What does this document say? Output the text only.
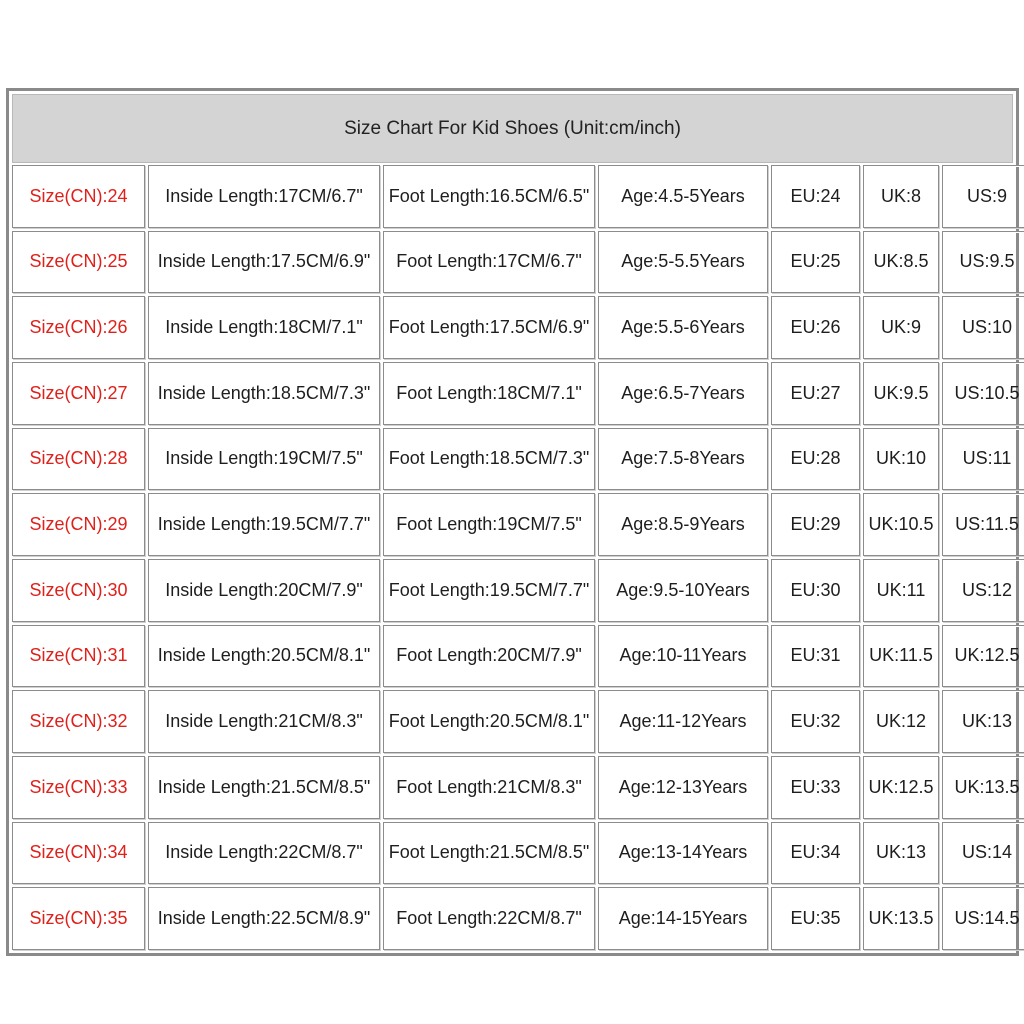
Size Chart For Kid Shoes (Unit:cm/inch)
Size(CN):24	Inside Length:17CM/6.7"	Foot Length:16.5CM/6.5"	Age:4.5-5Years	EU:24	UK:8	US:9
Size(CN):25	Inside Length:17.5CM/6.9"	Foot Length:17CM/6.7"	Age:5-5.5Years	EU:25	UK:8.5	US:9.5
Size(CN):26	Inside Length:18CM/7.1"	Foot Length:17.5CM/6.9"	Age:5.5-6Years	EU:26	UK:9	US:10
Size(CN):27	Inside Length:18.5CM/7.3"	Foot Length:18CM/7.1"	Age:6.5-7Years	EU:27	UK:9.5	US:10.5
Size(CN):28	Inside Length:19CM/7.5"	Foot Length:18.5CM/7.3"	Age:7.5-8Years	EU:28	UK:10	US:11
Size(CN):29	Inside Length:19.5CM/7.7"	Foot Length:19CM/7.5"	Age:8.5-9Years	EU:29	UK:10.5	US:11.5
Size(CN):30	Inside Length:20CM/7.9"	Foot Length:19.5CM/7.7"	Age:9.5-10Years	EU:30	UK:11	US:12
Size(CN):31	Inside Length:20.5CM/8.1"	Foot Length:20CM/7.9"	Age:10-11Years	EU:31	UK:11.5	UK:12.5
Size(CN):32	Inside Length:21CM/8.3"	Foot Length:20.5CM/8.1"	Age:11-12Years	EU:32	UK:12	UK:13
Size(CN):33	Inside Length:21.5CM/8.5"	Foot Length:21CM/8.3"	Age:12-13Years	EU:33	UK:12.5	UK:13.5
Size(CN):34	Inside Length:22CM/8.7"	Foot Length:21.5CM/8.5"	Age:13-14Years	EU:34	UK:13	US:14
Size(CN):35	Inside Length:22.5CM/8.9"	Foot Length:22CM/8.7"	Age:14-15Years	EU:35	UK:13.5	US:14.5
